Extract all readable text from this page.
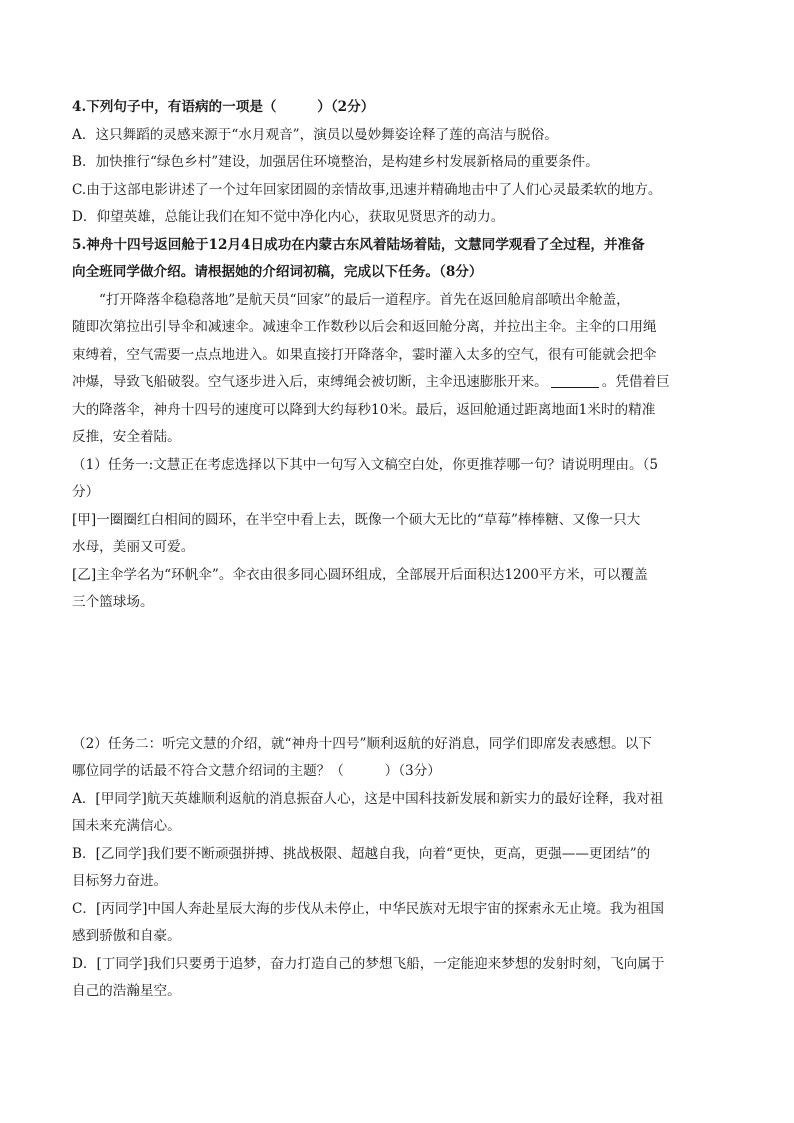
4.下列句子中，有语病的一项是（　　　）（2分）
A．这只舞蹈的灵感来源于“水月观音”，演员以曼妙舞姿诠释了莲的高洁与脱俗。
B．加快推行“绿色乡村”建设，加强居住环境整治，是构建乡村发展新格局的重要条件。
C.由于这部电影讲述了一个过年回家团圆的亲情故事,迅速并精确地击中了人们心灵最柔软的地方。
D．仰望英雄，总能让我们在知不觉中净化内心，获取见贤思齐的动力。
5.神舟十四号返回舱于12月4日成功在内蒙古东风着陆场着陆，文慧同学观看了全过程，并准备
向全班同学做介绍。请根据她的介绍词初稿，完成以下任务。（8分）
“打开降落伞稳稳落地”是航天员“回家”的最后一道程序。首先在返回舱肩部喷出伞舱盖，
随即次第拉出引导伞和减速伞。减速伞工作数秒以后会和返回舱分离，并拉出主伞。主伞的口用绳
束缚着，空气需要一点点地进入。如果直接打开降落伞，霎时灌入太多的空气，很有可能就会把伞
冲爆，导致飞船破裂。空气逐步进入后，束缚绳会被切断，主伞迅速膨胀开来。	。凭借着巨
大的降落伞，神舟十四号的速度可以降到大约每秒10米。最后，返回舱通过距离地面1米时的精准
反推，安全着陆。
（1）任务一:文慧正在考虑选择以下其中一句写入文稿空白处，你更推荐哪一句？请说明理由。（5
分）
[甲]一圈圈红白相间的圆环，在半空中看上去，既像一个硕大无比的“草莓”棒棒糖、又像一只大
水母，美丽又可爱。
[乙]主伞学名为“环帆伞”。伞衣由很多同心圆环组成，全部展开后面积达1200平方米，可以覆盖
三个篮球场。
（2）任务二：听完文慧的介绍，就“神舟十四号”顺利返航的好消息，同学们即席发表感想。以下
哪位同学的话最不符合文慧介绍词的主题？（　　　）（3分）
A．[甲同学]航天英雄顺利返航的消息振奋人心，这是中国科技新发展和新实力的最好诠释，我对祖
国未来充满信心。
B．[乙同学]我们要不断顽强拼搏、挑战极限、超越自我，向着“更快，更高，更强——更团结”的
目标努力奋进。
C．[丙同学]中国人奔赴星辰大海的步伐从未停止，中华民族对无垠宇宙的探索永无止境。我为祖国
感到骄傲和自豪。
D．[丁同学]我们只要勇于追梦，奋力打造自己的梦想飞船，一定能迎来梦想的发射时刻，飞向属于
自己的浩瀚星空。
